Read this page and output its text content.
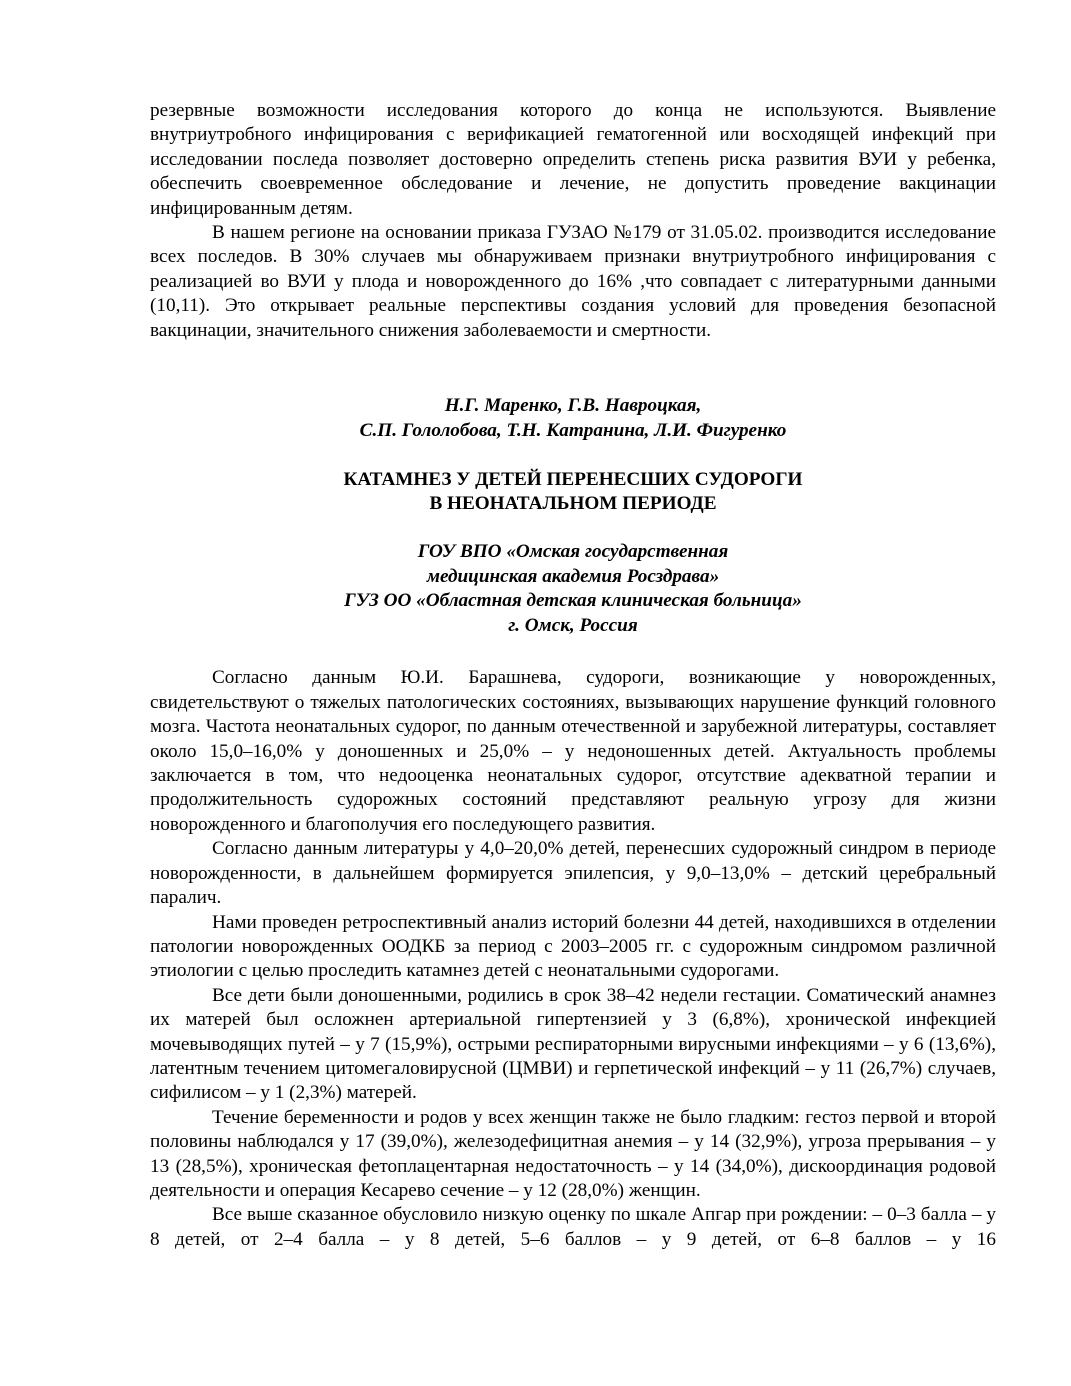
резервные возможности исследования которого до конца не используются. Выявление внутриутробного инфицирования с верификацией гематогенной или восходящей инфекций при исследовании последа позволяет достоверно определить степень риска развития ВУИ у ребенка, обеспечить своевременное обследование и лечение, не допустить проведение вакцинации инфицированным детям.

В нашем регионе на основании приказа ГУЗАО №179 от 31.05.02. производится исследование всех последов. В 30% случаев мы обнаруживаем признаки внутриутробного инфицирования с реализацией во ВУИ у плода и новорожденного до 16% ,что совпадает с литературными данными (10,11). Это открывает реальные перспективы создания условий для проведения безопасной вакцинации, значительного снижения заболеваемости и смертности.

Н.Г. Маренко, Г.В. Навроцкая,
С.П. Гололобова, Т.Н. Катранина, Л.И. Фигуренко
КАТАМНЕЗ У ДЕТЕЙ ПЕРЕНЕСШИХ СУДОРОГИ
В НЕОНАТАЛЬНОМ ПЕРИОДЕ
ГОУ ВПО «Омская государственная
медицинская академия Росздрава»
ГУЗ ОО «Областная детская клиническая больница»
г. Омск, Россия

Согласно данным Ю.И. Барашнева, судороги, возникающие у новорожденных, свидетельствуют о тяжелых патологических состояниях, вызывающих нарушение функций головного мозга. Частота неонатальных судорог, по данным отечественной и зарубежной литературы, составляет около 15,0–16,0% у доношенных и 25,0% – у недоношенных детей. Актуальность проблемы заключается в том, что недооценка неонатальных судорог, отсутствие адекватной терапии и продолжительность судорожных состояний представляют реальную угрозу для жизни новорожденного и благополучия его последующего развития.

Согласно данным литературы у 4,0–20,0% детей, перенесших судорожный синдром в периоде новорожденности, в дальнейшем формируется эпилепсия, у 9,0–13,0% – детский церебральный паралич.

Нами проведен ретроспективный анализ историй болезни 44 детей, находившихся в отделении патологии новорожденных ООДКБ за период с 2003–2005 гг. с судорожным синдромом различной этиологии с целью проследить катамнез детей с неонатальными судорогами.

Все дети были доношенными, родились в срок 38–42 недели гестации. Соматический анамнез их матерей был осложнен артериальной гипертензией у 3 (6,8%), хронической инфекцией мочевыводящих путей – у 7 (15,9%), острыми респираторными вирусными инфекциями – у 6 (13,6%), латентным течением цитомегаловирусной (ЦМВИ) и герпетической инфекций – у 11 (26,7%) случаев, сифилисом – у 1 (2,3%) матерей.

Течение беременности и родов у всех женщин также не было гладким: гестоз первой и второй половины наблюдался у 17 (39,0%), железодефицитная анемия – у 14 (32,9%), угроза прерывания – у 13 (28,5%), хроническая фетоплацентарная недостаточность – у 14 (34,0%), дискоординация родовой деятельности и операция Кесарево сечение – у 12 (28,0%) женщин.

Все выше сказанное обусловило низкую оценку по шкале Апгар при рождении: – 0–3 балла – у 8 детей, от 2–4 балла – у 8 детей, 5–6 баллов – у 9 детей, от 6–8 баллов – у 16
